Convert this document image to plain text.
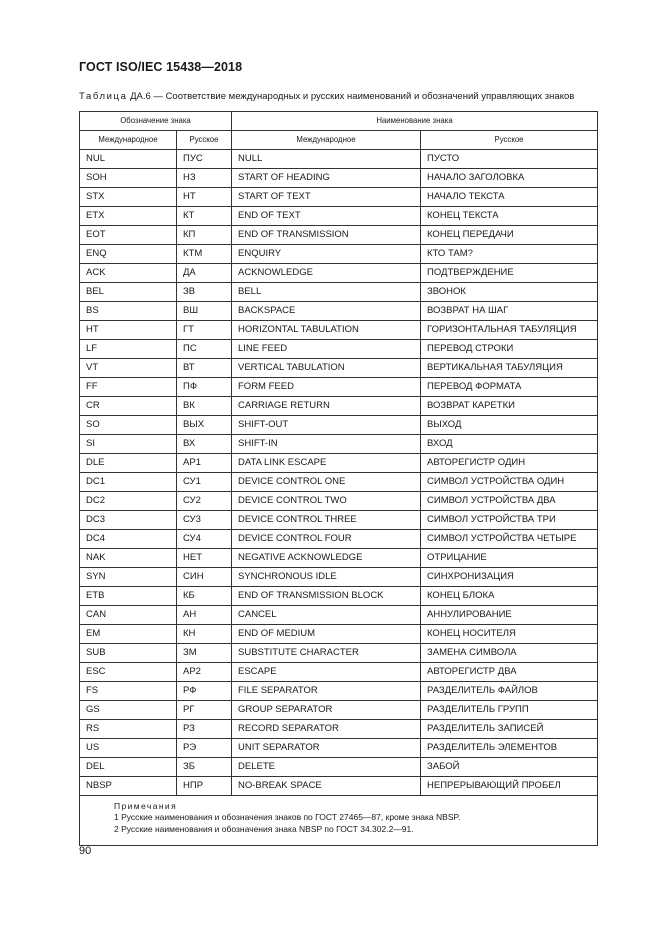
ГОСТ ISO/IEC 15438—2018
Таблица ДА.6 — Соответствие международных и русских наименований и обозначений управляющих знаков
Обозначение знака		Наименование знака	
Международное	Русское	Международное	Русское
NUL	ПУС	NULL	ПУСТО
SOH	НЗ	START OF HEADING	НАЧАЛО ЗАГОЛОВКА
STX	НТ	START OF TEXT	НАЧАЛО ТЕКСТА
ETX	КТ	END OF TEXT	КОНЕЦ ТЕКСТА
EOT	КП	END OF TRANSMISSION	КОНЕЦ ПЕРЕДАЧИ
ENQ	КТМ	ENQUIRY	КТО ТАМ?
ACK	ДА	ACKNOWLEDGE	ПОДТВЕРЖДЕНИЕ
BEL	ЗВ	BELL	ЗВОНОК
BS	ВШ	BACKSPACE	ВОЗВРАТ НА ШАГ
HT	ГТ	HORIZONTAL TABULATION	ГОРИЗОНТАЛЬНАЯ ТАБУЛЯЦИЯ
LF	ПС	LINE FEED	ПЕРЕВОД СТРОКИ
VT	ВТ	VERTICAL TABULATION	ВЕРТИКАЛЬНАЯ ТАБУЛЯЦИЯ
FF	ПФ	FORM FEED	ПЕРЕВОД ФОРМАТА
CR	ВК	CARRIAGE RETURN	ВОЗВРАТ КАРЕТКИ
SO	ВЫХ	SHIFT-OUT	ВЫХОД
SI	ВХ	SHIFT-IN	ВХОД
DLE	АР1	DATA LINK ESCAPE	АВТОРЕГИСТР ОДИН
DC1	СУ1	DEVICE CONTROL ONE	СИМВОЛ УСТРОЙСТВА ОДИН
DC2	СУ2	DEVICE CONTROL TWO	СИМВОЛ УСТРОЙСТВА ДВА
DC3	СУ3	DEVICE CONTROL THREE	СИМВОЛ УСТРОЙСТВА ТРИ
DC4	СУ4	DEVICE CONTROL FOUR	СИМВОЛ УСТРОЙСТВА ЧЕТЫРЕ
NAK	НЕТ	NEGATIVE ACKNOWLEDGE	ОТРИЦАНИЕ
SYN	СИН	SYNCHRONOUS IDLE	СИНХРОНИЗАЦИЯ
ETB	КБ	END OF TRANSMISSION BLOCK	КОНЕЦ БЛОКА
CAN	АН	CANCEL	АННУЛИРОВАНИЕ
EM	КН	END OF MEDIUM	КОНЕЦ НОСИТЕЛЯ
SUB	ЗМ	SUBSTITUTE CHARACTER	ЗАМЕНА СИМВОЛА
ESC	АР2	ESCAPE	АВТОРЕГИСТР ДВА
FS	РФ	FILE SEPARATOR	РАЗДЕЛИТЕЛЬ ФАЙЛОВ
GS	РГ	GROUP SEPARATOR	РАЗДЕЛИТЕЛЬ ГРУПП
RS	РЗ	RECORD SEPARATOR	РАЗДЕЛИТЕЛЬ ЗАПИСЕЙ
US	РЭ	UNIT SEPARATOR	РАЗДЕЛИТЕЛЬ ЭЛЕМЕНТОВ
DEL	ЗБ	DELETE	ЗАБОЙ
NBSP	НПР	NO-BREAK SPACE	НЕПРЕРЫВАЮЩИЙ ПРОБЕЛ

Примечания
1 Русские наименования и обозначения знаков по ГОСТ 27465—87, кроме знака NBSP.
2 Русские наименования и обозначения знака NBSP по ГОСТ 34.302.2—91.			
90
